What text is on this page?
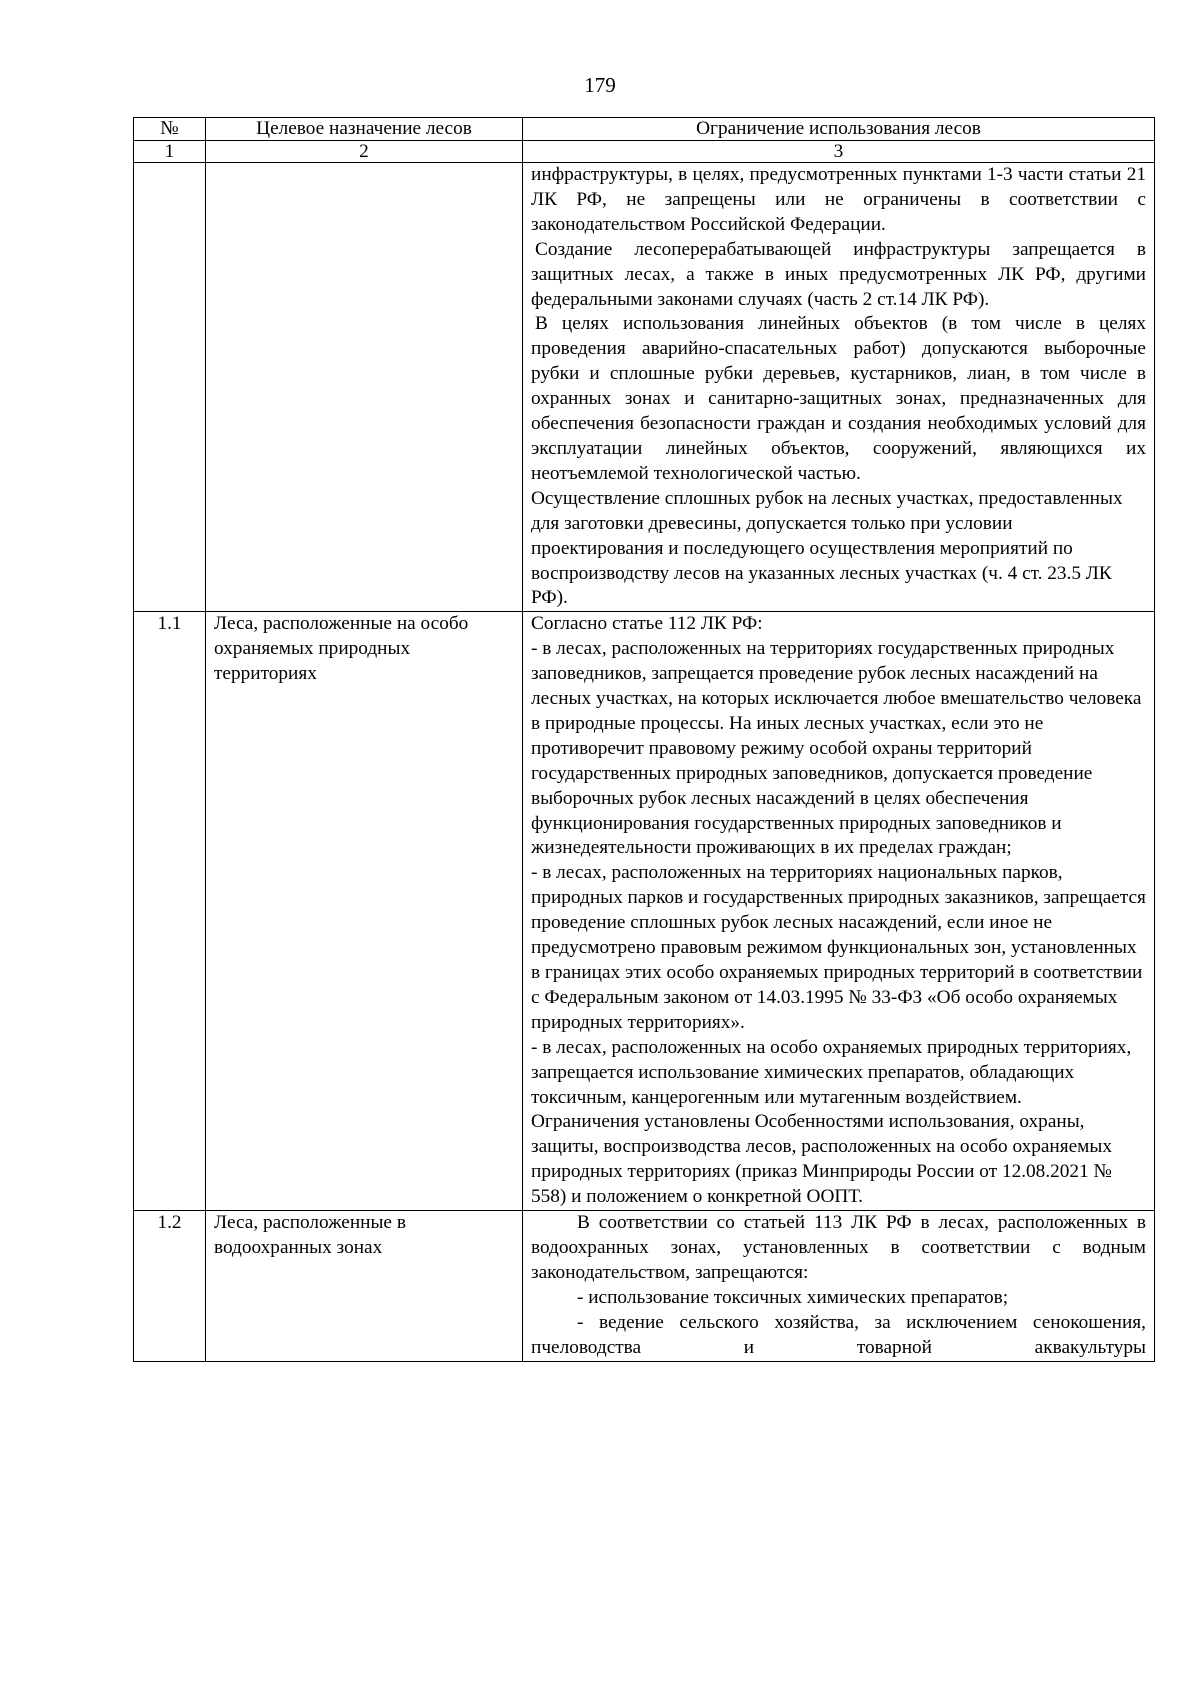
179
№	Целевое назначение лесов	Ограничение использования лесов
1	2	3

		инфраструктуры, в целях, предусмотренных пунктами 1-3 части статьи 21 ЛК РФ, не запрещены или не ограничены в соответствии с законодательством Российской Федерации.

Создание лесоперерабатывающей инфраструктуры запрещается в защитных лесах, а также в иных предусмотренных ЛК РФ, другими федеральными законами случаях (часть 2 ст.14 ЛК РФ).

В целях использования линейных объектов (в том числе в целях проведения аварийно-спасательных работ) допускаются выборочные рубки и сплошные рубки деревьев, кустарников, лиан, в том числе в охранных зонах и санитарно-защитных зонах, предназначенных для обеспечения безопасности граждан и создания необходимых условий для эксплуатации линейных объектов, сооружений, являющихся их неотъемлемой технологической частью.

Осуществление сплошных рубок на лесных участках, предоставленных для заготовки древесины, допускается только при условии проектирования и последующего осуществления мероприятий по воспроизводству лесов на указанных лесных участках (ч. 4 ст. 23.5 ЛК РФ).

1.1	Леса, расположенные на особо охраняемых природных территориях	Согласно статье 112 ЛК РФ:

- в лесах, расположенных на территориях государственных природных заповедников, запрещается проведение рубок лесных насаждений на лесных участках, на которых исключается любое вмешательство человека в природные процессы. На иных лесных участках, если это не противоречит правовому режиму особой охраны территорий государственных природных заповедников, допускается проведение выборочных рубок лесных насаждений в целях обеспечения функционирования государственных природных заповедников и жизнедеятельности проживающих в их пределах граждан;

- в лесах, расположенных на территориях национальных парков, природных парков и государственных природных заказников, запрещается проведение сплошных рубок лесных насаждений, если иное не предусмотрено правовым режимом функциональных зон, установленных в границах этих особо охраняемых природных территорий в соответствии с Федеральным законом от 14.03.1995 № 33-ФЗ «Об особо охраняемых природных территориях».

- в лесах, расположенных на особо охраняемых природных территориях, запрещается использование химических препаратов, обладающих токсичным, канцерогенным или мутагенным воздействием.

Ограничения установлены Особенностями использования, охраны, защиты, воспроизводства лесов, расположенных на особо охраняемых природных территориях (приказ Минприроды России от 12.08.2021 № 558) и положением о конкретной ООПТ.

1.2	Леса, расположенные в водоохранных зонах	В соответствии со статьей 113 ЛК РФ в лесах, расположенных в водоохранных зонах, установленных в соответствии с водным законодательством, запрещаются:

- использование токсичных химических препаратов;

- ведение сельского хозяйства, за исключением сенокошения, пчеловодства и товарной аквакультуры
